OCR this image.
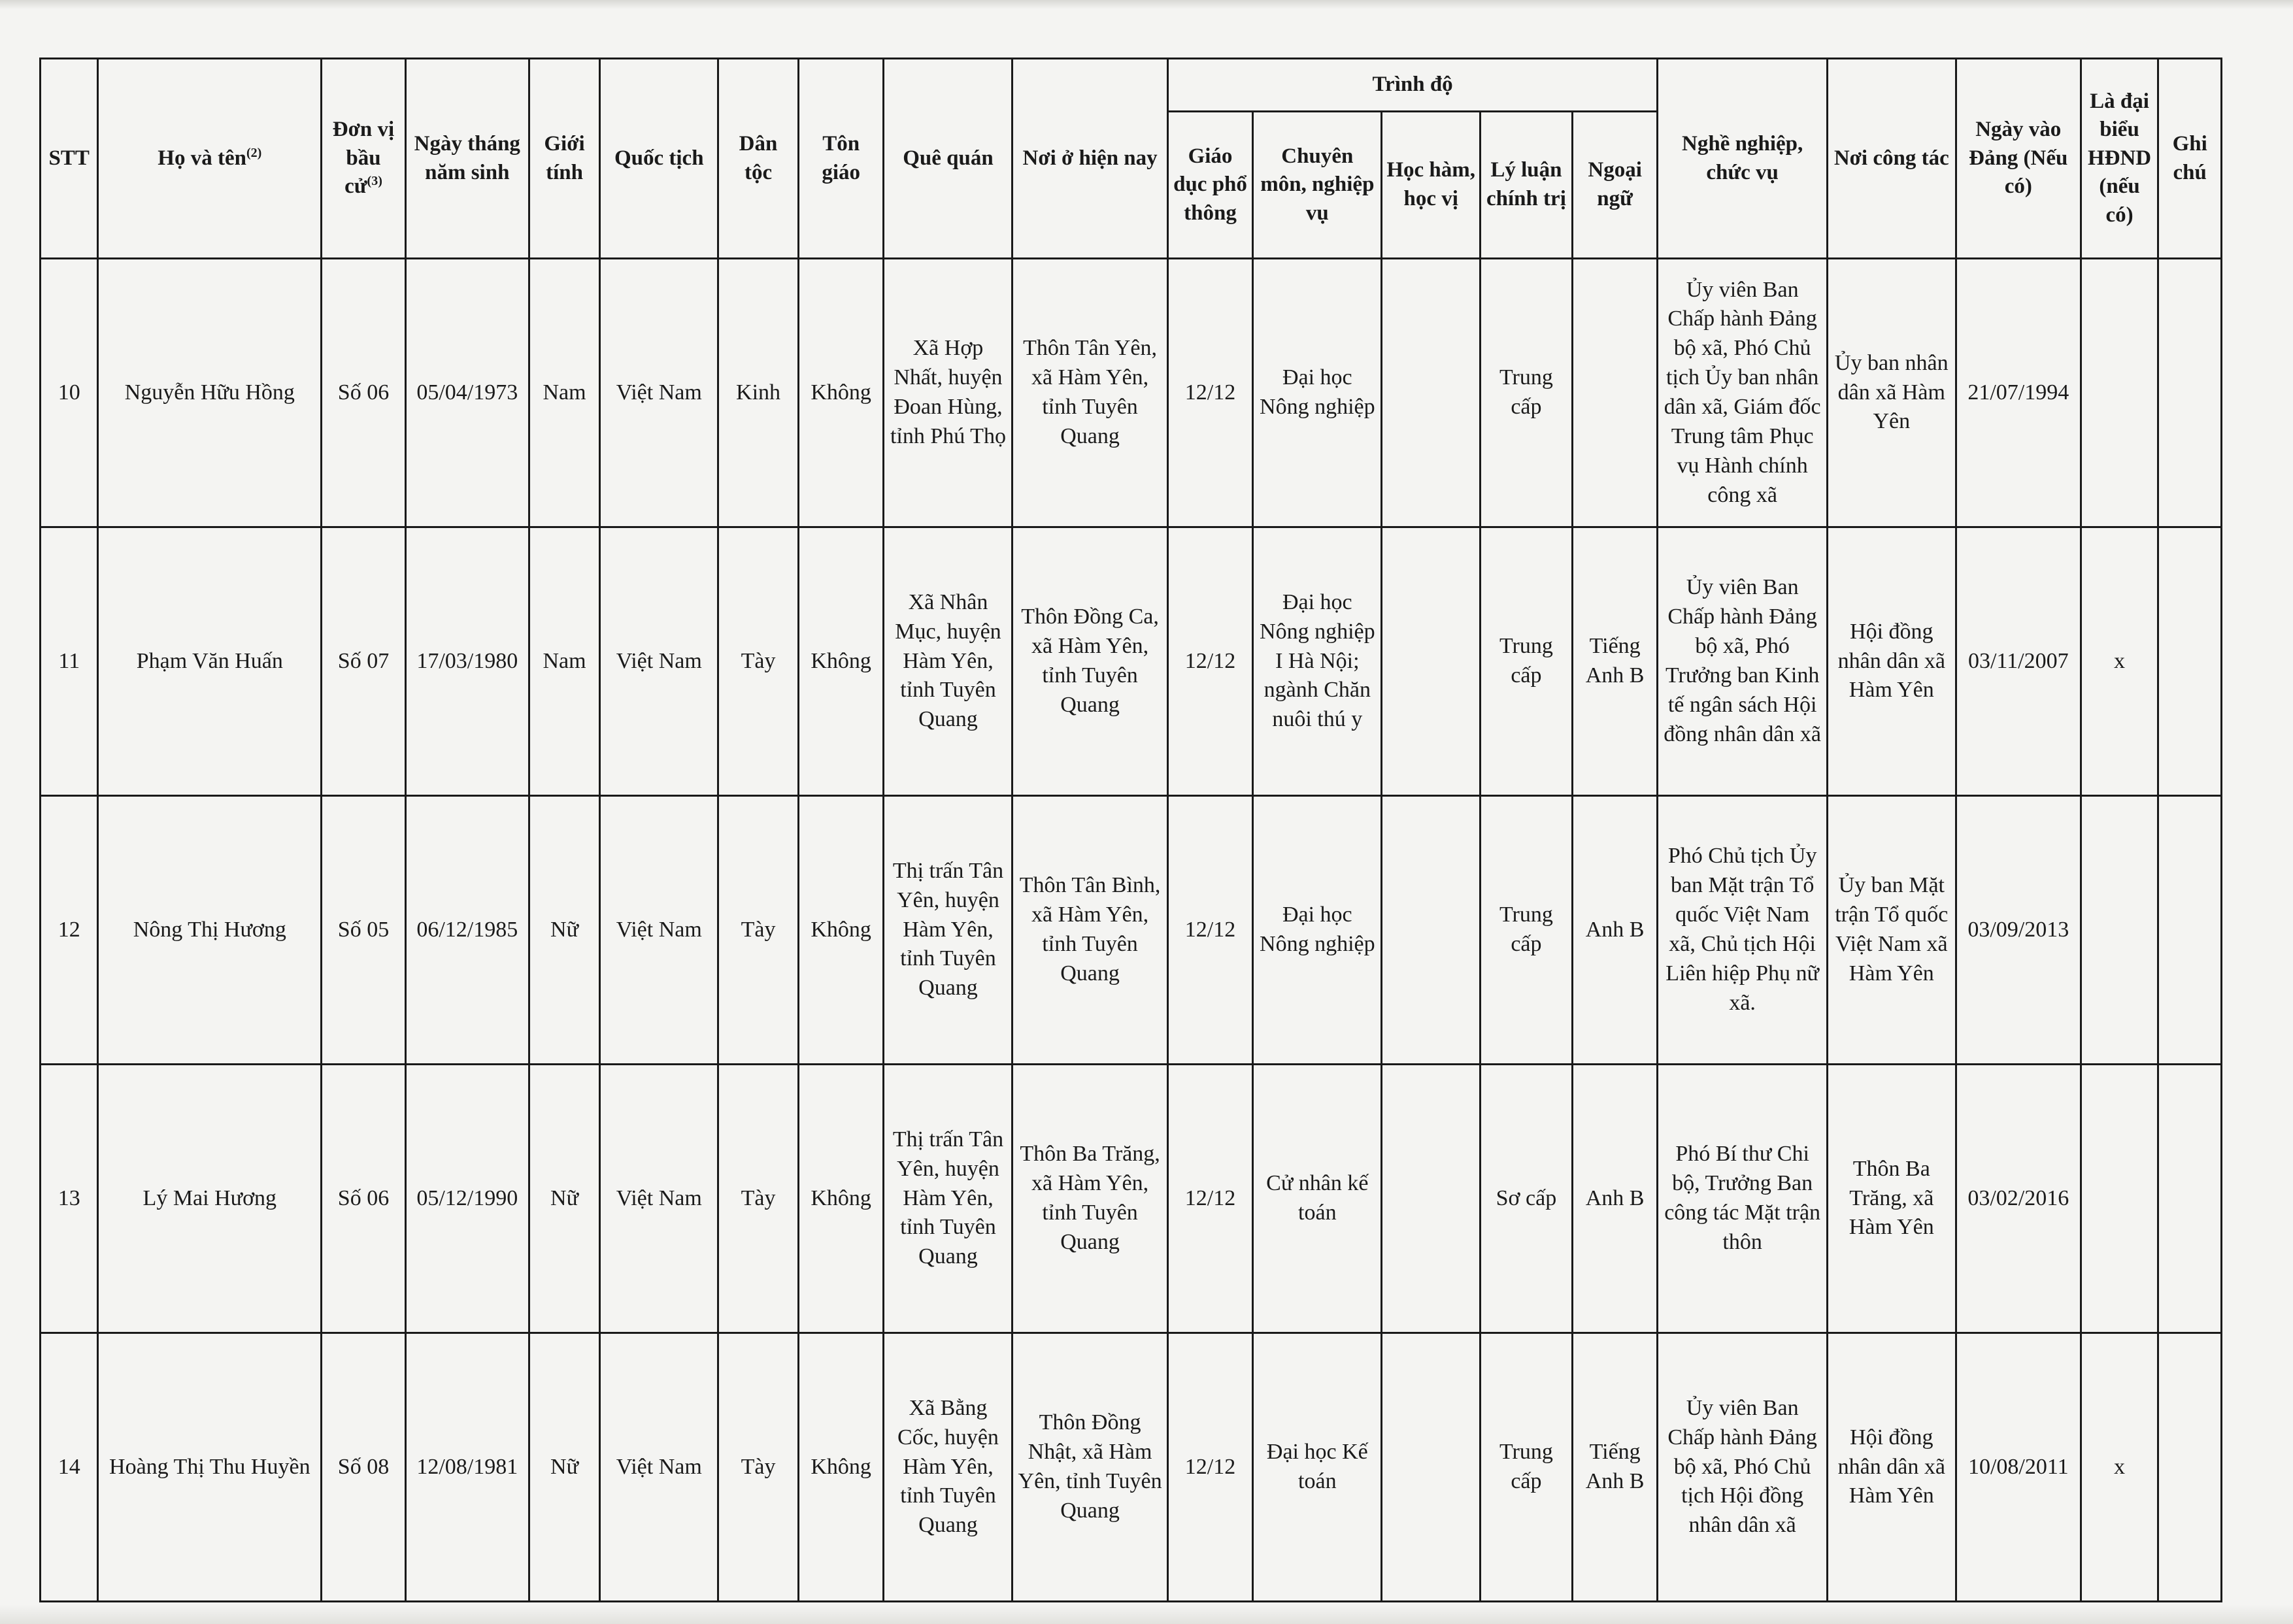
STT	Họ và tên$^{(2)}$	Đơn vị bầu cử$^{(3)}$	Ngày tháng năm sinh	Giới tính	Quốc tịch	Dân tộc	Tôn giáo	Quê quán	Nơi ở hiện nay	Trình độ					Nghề nghiệp, chức vụ	Nơi công tác	Ngày vào Đảng (Nếu có)	Là đại biểu HĐND (nếu có)	Ghi chú
										Giáo dục phổ thông	Chuyên môn, nghiệp vụ	Học hàm, học vị	Lý luận chính trị	Ngoại ngữ					
10	Nguyễn Hữu Hồng	Số 06	05/04/1973	Nam	Việt Nam	Kinh	Không	Xã Hợp Nhất, huyện Đoan Hùng, tỉnh Phú Thọ	Thôn Tân Yên, xã Hàm Yên, tỉnh Tuyên Quang	12/12	Đại học Nông nghiệp		Trung cấp		Ủy viên Ban Chấp hành Đảng bộ xã, Phó Chủ tịch Ủy ban nhân dân xã, Giám đốc Trung tâm Phục vụ Hành chính công xã	Ủy ban nhân dân xã Hàm Yên	21/07/1994		
11	Phạm Văn Huấn	Số 07	17/03/1980	Nam	Việt Nam	Tày	Không	Xã Nhân Mục, huyện Hàm Yên, tỉnh Tuyên Quang	Thôn Đồng Ca, xã Hàm Yên, tỉnh Tuyên Quang	12/12	Đại học Nông nghiệp I Hà Nội; ngành Chăn nuôi thú y		Trung cấp	Tiếng Anh B	Ủy viên Ban Chấp hành Đảng bộ xã, Phó Trưởng ban Kinh tế ngân sách Hội đồng nhân dân xã	Hội đồng nhân dân xã Hàm Yên	03/11/2007	x	
12	Nông Thị Hương	Số 05	06/12/1985	Nữ	Việt Nam	Tày	Không	Thị trấn Tân Yên, huyện Hàm Yên, tỉnh Tuyên Quang	Thôn Tân Bình, xã Hàm Yên, tỉnh Tuyên Quang	12/12	Đại học Nông nghiệp		Trung cấp	Anh B	Phó Chủ tịch Ủy ban Mặt trận Tổ quốc Việt Nam xã, Chủ tịch Hội Liên hiệp Phụ nữ xã.	Ủy ban Mặt trận Tổ quốc Việt Nam xã Hàm Yên	03/09/2013		
13	Lý Mai Hương	Số 06	05/12/1990	Nữ	Việt Nam	Tày	Không	Thị trấn Tân Yên, huyện Hàm Yên, tỉnh Tuyên Quang	Thôn Ba Trăng, xã Hàm Yên, tỉnh Tuyên Quang	12/12	Cử nhân kế toán		Sơ cấp	Anh B	Phó Bí thư Chi bộ, Trưởng Ban công tác Mặt trận thôn	Thôn Ba Trăng, xã Hàm Yên	03/02/2016		
14	Hoàng Thị Thu Huyền	Số 08	12/08/1981	Nữ	Việt Nam	Tày	Không	Xã Bằng Cốc, huyện Hàm Yên, tỉnh Tuyên Quang	Thôn Đồng Nhật, xã Hàm Yên, tỉnh Tuyên Quang	12/12	Đại học Kế toán		Trung cấp	Tiếng Anh B	Ủy viên Ban Chấp hành Đảng bộ xã, Phó Chủ tịch Hội đồng nhân dân xã	Hội đồng nhân dân xã Hàm Yên	10/08/2011	x	
